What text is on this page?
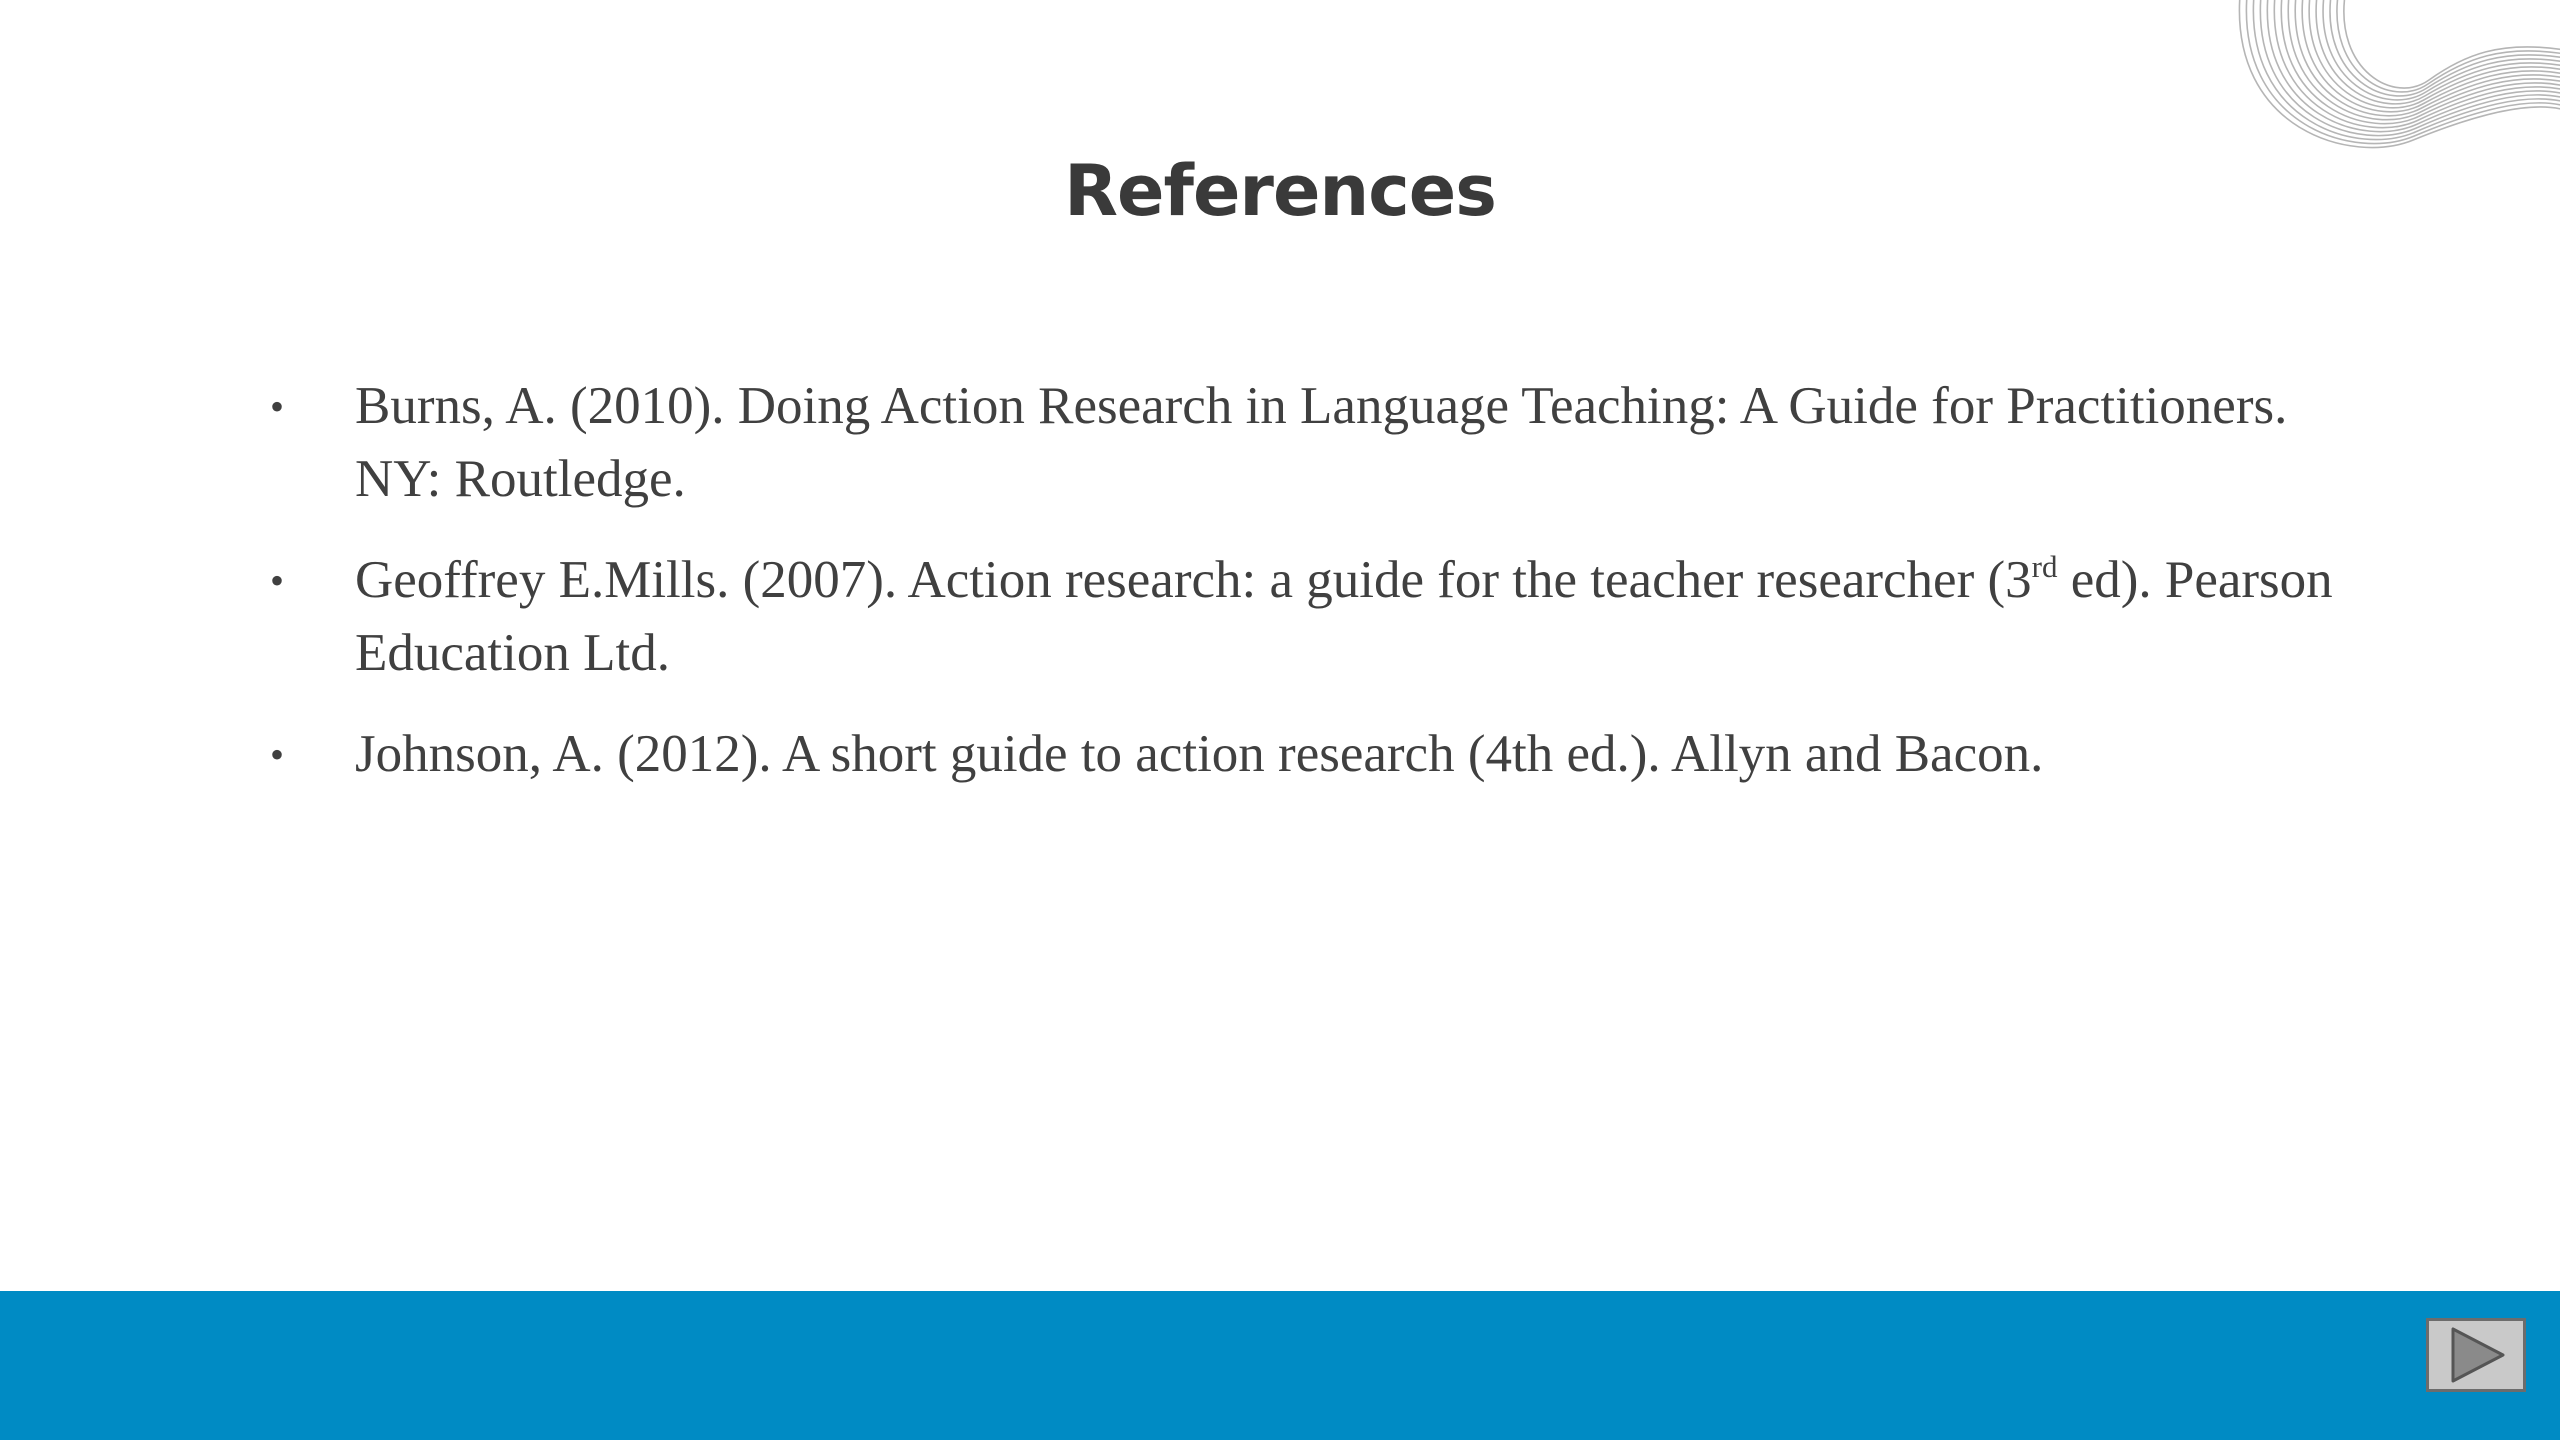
References
• Burns, A. (2010). Doing Action Research in Language Teaching: A Guide for Practitioners. NY: Routledge.
• Geoffrey E.Mills. (2007). Action research: a guide for the teacher researcher (3rd ed). Pearson Education Ltd.
• Johnson, A. (2012). A short guide to action research (4th ed.). Allyn and Bacon.
